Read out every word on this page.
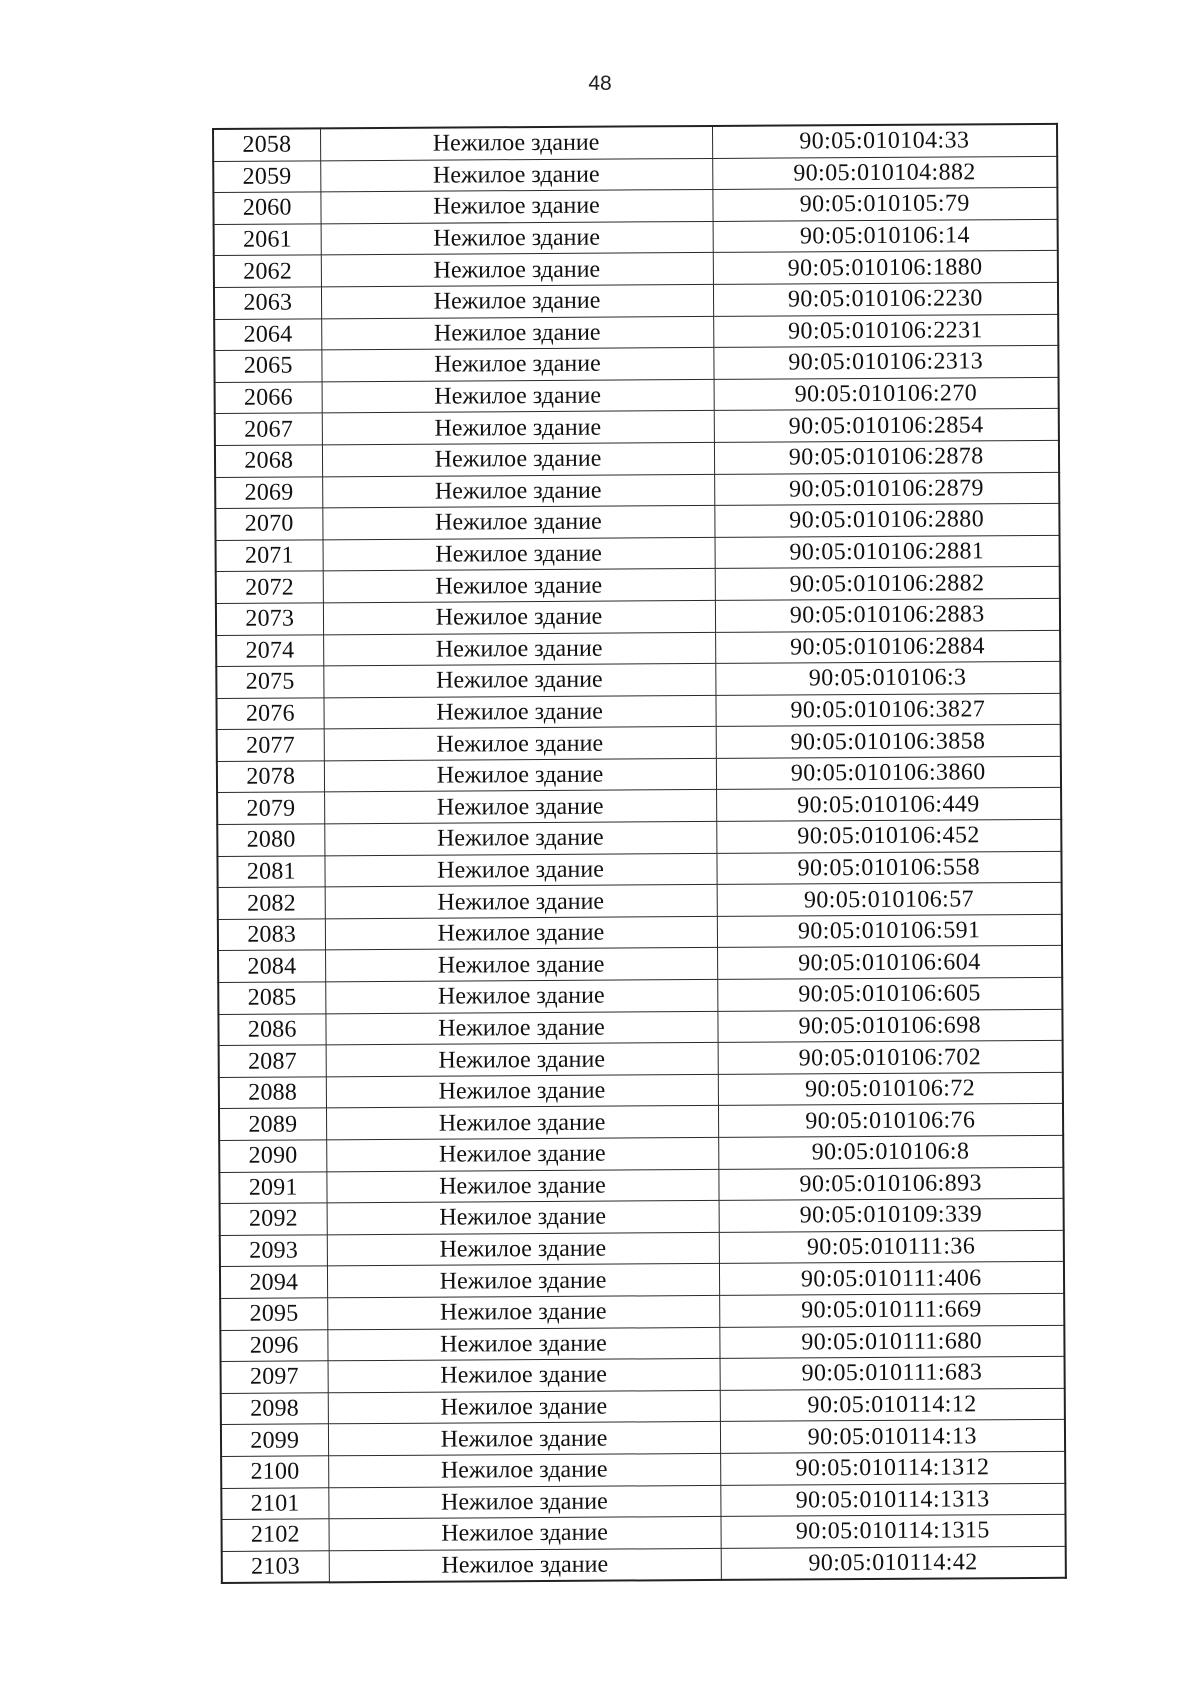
48
2058	Нежилое здание	90:05:010104:33
2059	Нежилое здание	90:05:010104:882
2060	Нежилое здание	90:05:010105:79
2061	Нежилое здание	90:05:010106:14
2062	Нежилое здание	90:05:010106:1880
2063	Нежилое здание	90:05:010106:2230
2064	Нежилое здание	90:05:010106:2231
2065	Нежилое здание	90:05:010106:2313
2066	Нежилое здание	90:05:010106:270
2067	Нежилое здание	90:05:010106:2854
2068	Нежилое здание	90:05:010106:2878
2069	Нежилое здание	90:05:010106:2879
2070	Нежилое здание	90:05:010106:2880
2071	Нежилое здание	90:05:010106:2881
2072	Нежилое здание	90:05:010106:2882
2073	Нежилое здание	90:05:010106:2883
2074	Нежилое здание	90:05:010106:2884
2075	Нежилое здание	90:05:010106:3
2076	Нежилое здание	90:05:010106:3827
2077	Нежилое здание	90:05:010106:3858
2078	Нежилое здание	90:05:010106:3860
2079	Нежилое здание	90:05:010106:449
2080	Нежилое здание	90:05:010106:452
2081	Нежилое здание	90:05:010106:558
2082	Нежилое здание	90:05:010106:57
2083	Нежилое здание	90:05:010106:591
2084	Нежилое здание	90:05:010106:604
2085	Нежилое здание	90:05:010106:605
2086	Нежилое здание	90:05:010106:698
2087	Нежилое здание	90:05:010106:702
2088	Нежилое здание	90:05:010106:72
2089	Нежилое здание	90:05:010106:76
2090	Нежилое здание	90:05:010106:8
2091	Нежилое здание	90:05:010106:893
2092	Нежилое здание	90:05:010109:339
2093	Нежилое здание	90:05:010111:36
2094	Нежилое здание	90:05:010111:406
2095	Нежилое здание	90:05:010111:669
2096	Нежилое здание	90:05:010111:680
2097	Нежилое здание	90:05:010111:683
2098	Нежилое здание	90:05:010114:12
2099	Нежилое здание	90:05:010114:13
2100	Нежилое здание	90:05:010114:1312
2101	Нежилое здание	90:05:010114:1313
2102	Нежилое здание	90:05:010114:1315
2103	Нежилое здание	90:05:010114:42
